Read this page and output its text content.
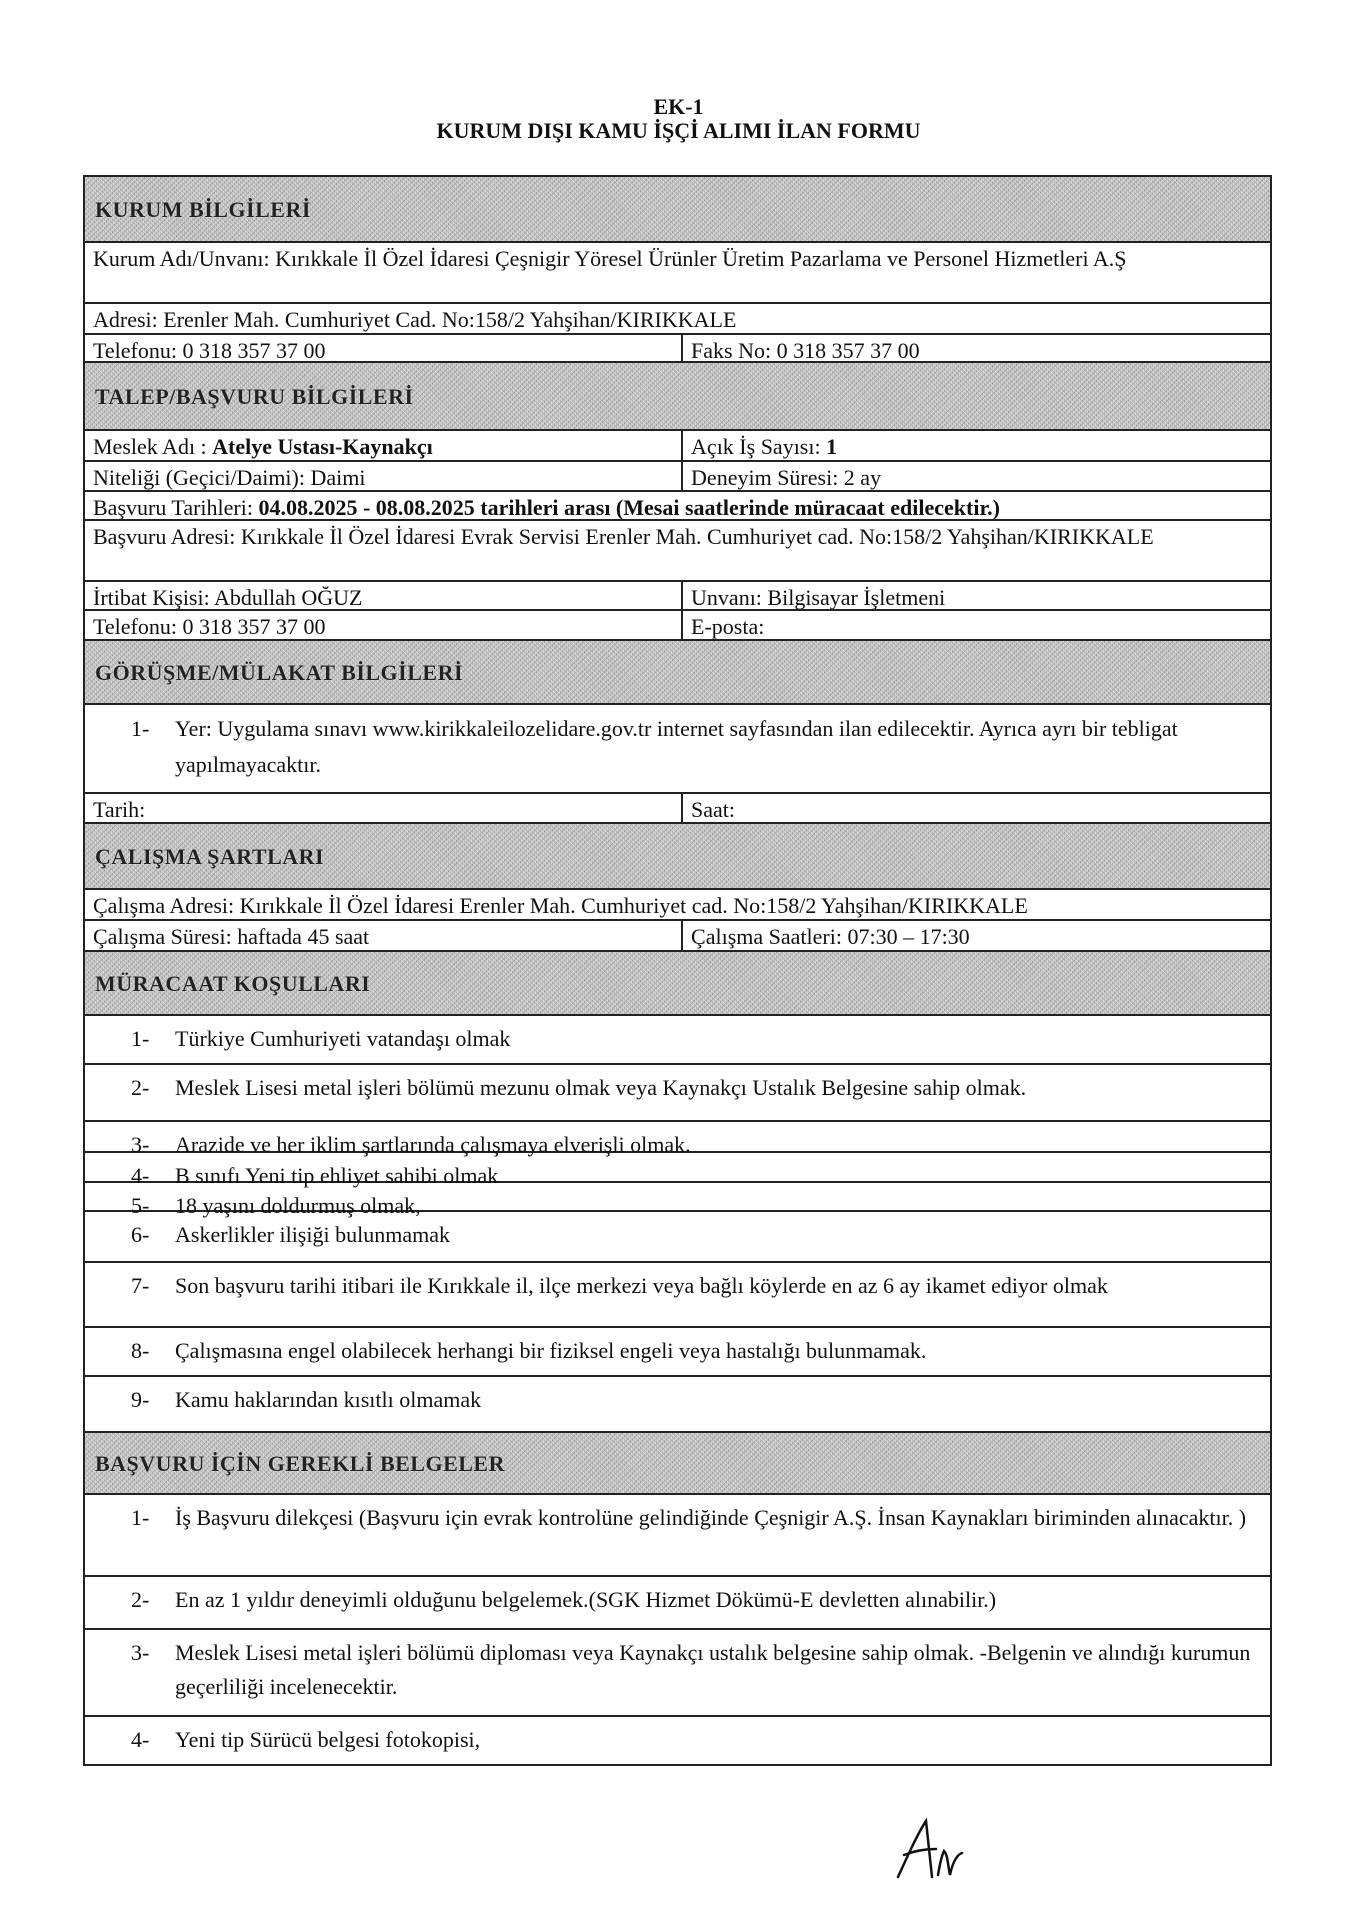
EK-1
KURUM DIŞI KAMU İŞÇİ ALIMI İLAN FORMU
KURUM BİLGİLERİ
Kurum Adı/Unvanı: Kırıkkale İl Özel İdaresi Çeşnigir Yöresel Ürünler Üretim Pazarlama ve Personel Hizmetleri A.Ş
Adresi: Erenler Mah. Cumhuriyet Cad. No:158/2 Yahşihan/KIRIKKALE
Telefonu: 0 318 357 37 00	Faks No: 0 318 357 37 00
TALEP/BAŞVURU BİLGİLERİ
Meslek Adı : Atelye Ustası-Kaynakçı	Açık İş Sayısı: 1
Niteliği (Geçici/Daimi): Daimi	Deneyim Süresi: 2 ay
Başvuru Tarihleri: 04.08.2025 - 08.08.2025 tarihleri arası (Mesai saatlerinde müracaat edilecektir.)
Başvuru Adresi: Kırıkkale İl Özel İdaresi Evrak Servisi Erenler Mah. Cumhuriyet cad. No:158/2 Yahşihan/KIRIKKALE
İrtibat Kişisi: Abdullah OĞUZ	Unvanı: Bilgisayar İşletmeni
Telefonu: 0 318 357 37 00	E-posta:
GÖRÜŞME/MÜLAKAT BİLGİLERİ
1-	Yer: Uygulama sınavı www.kirikkaleilozelidare.gov.tr internet sayfasından ilan edilecektir. Ayrıca ayrı bir tebligat yapılmayacaktır.
Tarih:	Saat:
ÇALIŞMA ŞARTLARI
Çalışma Adresi: Kırıkkale İl Özel İdaresi Erenler Mah. Cumhuriyet cad. No:158/2 Yahşihan/KIRIKKALE
Çalışma Süresi: haftada 45 saat	Çalışma Saatleri: 07:30 – 17:30
MÜRACAAT KOŞULLARI
1-	Türkiye Cumhuriyeti vatandaşı olmak
2-	Meslek Lisesi metal işleri bölümü mezunu olmak veya Kaynakçı Ustalık Belgesine sahip olmak.
3-	Arazide ve her iklim şartlarında çalışmaya elverişli olmak.
4-	B sınıfı Yeni tip ehliyet sahibi olmak
5-	18 yaşını doldurmuş olmak,
6-	Askerlikler ilişiği bulunmamak
7-	Son başvuru tarihi itibari ile Kırıkkale il, ilçe merkezi veya bağlı köylerde en az 6 ay ikamet ediyor olmak
8-	Çalışmasına engel olabilecek herhangi bir fiziksel engeli veya hastalığı bulunmamak.
9-	Kamu haklarından kısıtlı olmamak
BAŞVURU İÇİN GEREKLİ BELGELER
1-	İş Başvuru dilekçesi (Başvuru için evrak kontrolüne gelindiğinde Çeşnigir A.Ş. İnsan Kaynakları biriminden alınacaktır. )
2-	En az 1 yıldır deneyimli olduğunu belgelemek.(SGK Hizmet Dökümü-E devletten alınabilir.)
3-	Meslek Lisesi metal işleri bölümü diploması veya Kaynakçı ustalık belgesine sahip olmak. -Belgenin ve alındığı kurumun geçerliliği incelenecektir.
4-	Yeni tip Sürücü belgesi fotokopisi,
